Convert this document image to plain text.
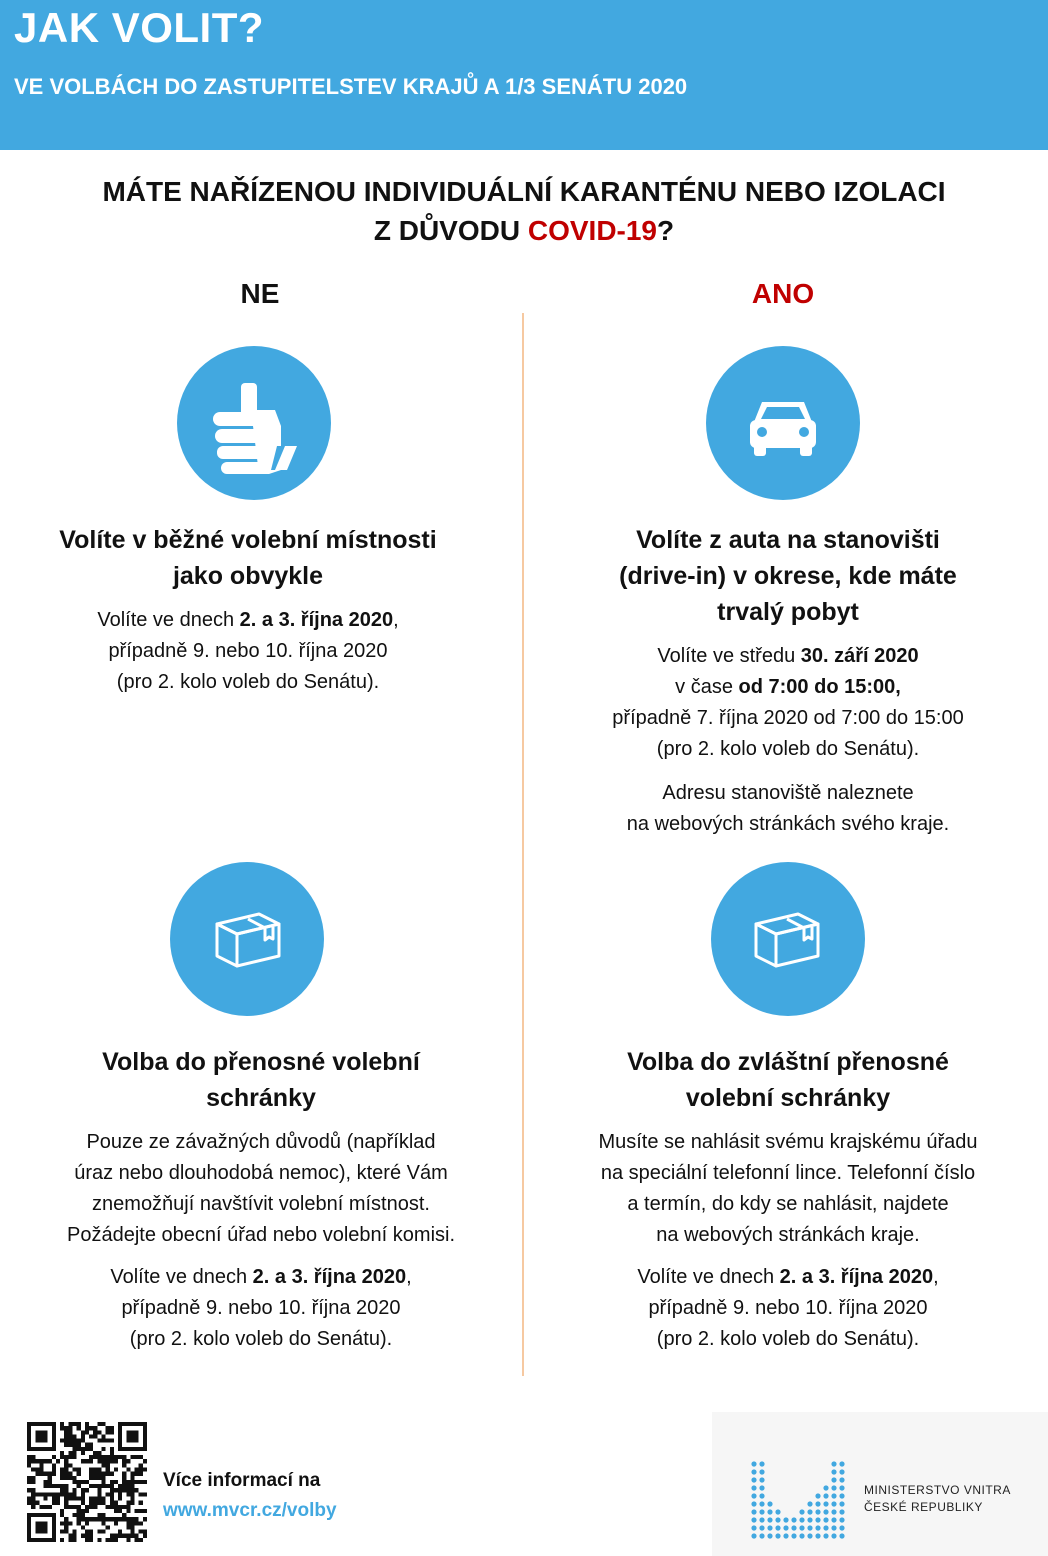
JAK VOLIT?
VE VOLBÁCH DO ZASTUPITELSTEV KRAJŮ A 1/3 SENÁTU 2020
MÁTE NAŘÍZENOU INDIVIDUÁLNÍ KARANTÉNU NEBO IZOLACI
Z DŮVODU COVID-19?
NE	ANO
Volíte v běžné volební místnosti
jako obvykle

Volíte ve dnech 2. a 3. října 2020,
případně 9. nebo 10. října 2020
(pro 2. kolo voleb do Senátu).

Volíte z auta na stanovišti
(drive-in) v okrese, kde máte
trvalý pobyt

Volíte ve středu 30. září 2020
v čase od 7:00 do 15:00,
případně 7. října 2020 od 7:00 do 15:00
(pro 2. kolo voleb do Senátu).

Adresu stanoviště naleznete
na webových stránkách svého kraje.

Volba do přenosné volební
schránky

Pouze ze závažných důvodů (například
úraz nebo dlouhodobá nemoc), které Vám
znemožňují navštívit volební místnost.
Požádejte obecní úřad nebo volební komisi.

Volíte ve dnech 2. a 3. října 2020,
případně 9. nebo 10. října 2020
(pro 2. kolo voleb do Senátu).

Volba do zvláštní přenosné
volební schránky

Musíte se nahlásit svému krajskému úřadu
na speciální telefonní lince. Telefonní číslo
a termín, do kdy se nahlásit, najdete
na webových stránkách kraje.

Volíte ve dnech 2. a 3. října 2020,
případně 9. nebo 10. října 2020
(pro 2. kolo voleb do Senátu).

Více informací na
www.mvcr.cz/volby
MINISTERSTVO VNITRA
ČESKÉ REPUBLIKY
